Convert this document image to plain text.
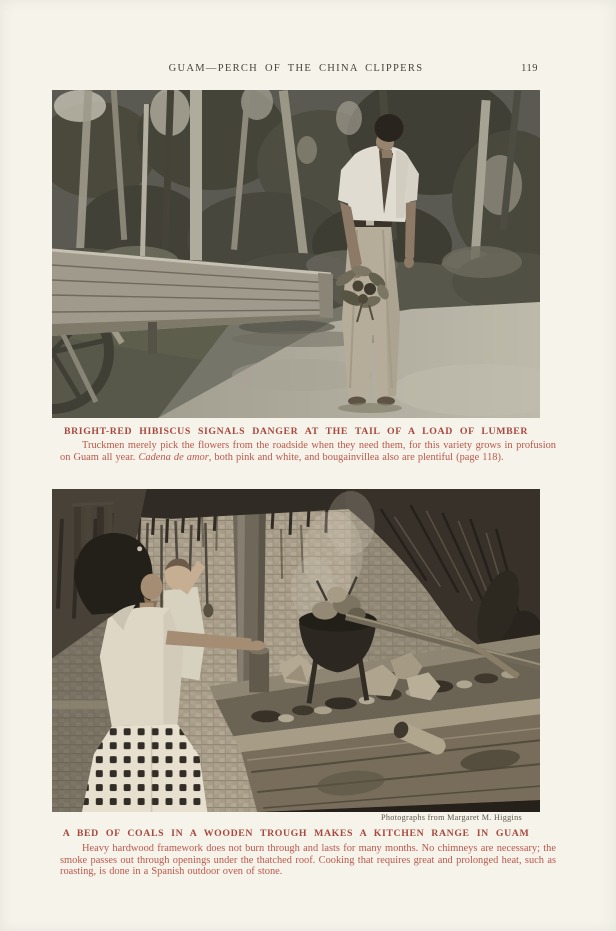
GUAM—PERCH OF THE CHINA CLIPPERS	119
BRIGHT-RED HIBISCUS SIGNALS DANGER AT THE TAIL OF A LOAD OF LUMBER

Truckmen merely pick the flowers from the roadside when they need them, for this variety grows in profusion on Guam all year. Cadena de amor, both pink and white, and bougainvillea also are plentiful (page 118).

Photographs from Margaret M. Higgins
A BED OF COALS IN A WOODEN TROUGH MAKES A KITCHEN RANGE IN GUAM

Heavy hardwood framework does not burn through and lasts for many months. No chimneys are necessary; the smoke passes out through openings under the thatched roof. Cooking that requires great and prolonged heat, such as roasting, is done in a Spanish outdoor oven of stone.
